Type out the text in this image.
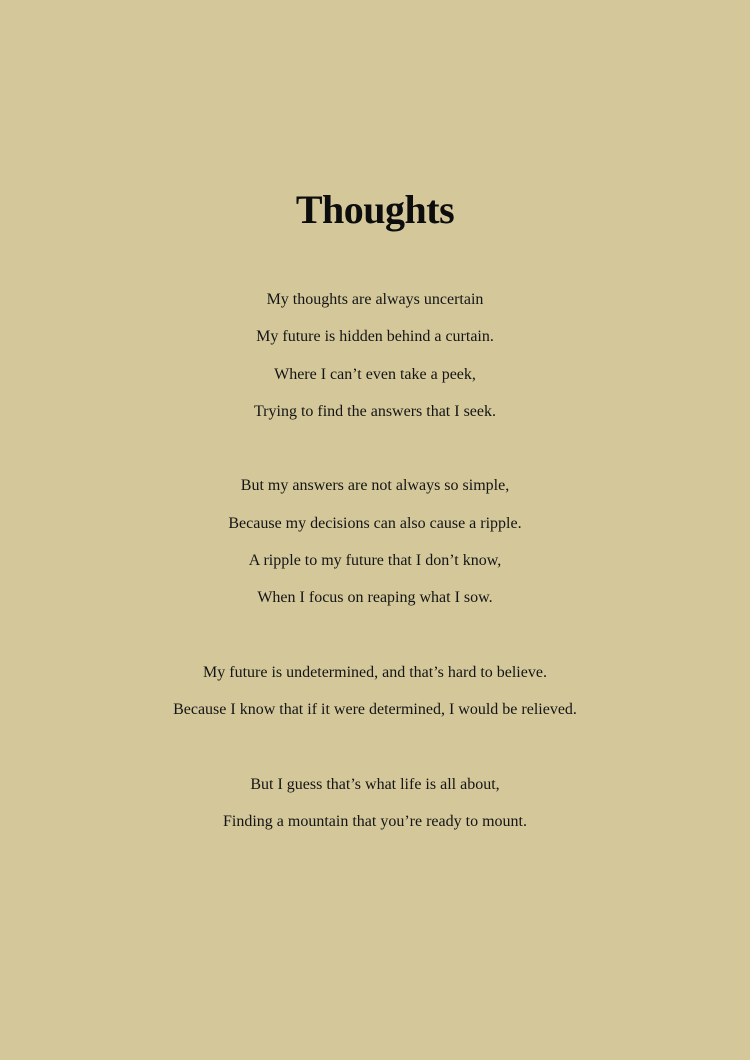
Thoughts
My thoughts are always uncertain
My future is hidden behind a curtain.
Where I can’t even take a peek,
Trying to find the answers that I seek.
But my answers are not always so simple,
Because my decisions can also cause a ripple.
A ripple to my future that I don’t know,
When I focus on reaping what I sow.
My future is undetermined, and that’s hard to believe.
Because I know that if it were determined, I would be relieved.
But I guess that’s what life is all about,
Finding a mountain that you’re ready to mount.
